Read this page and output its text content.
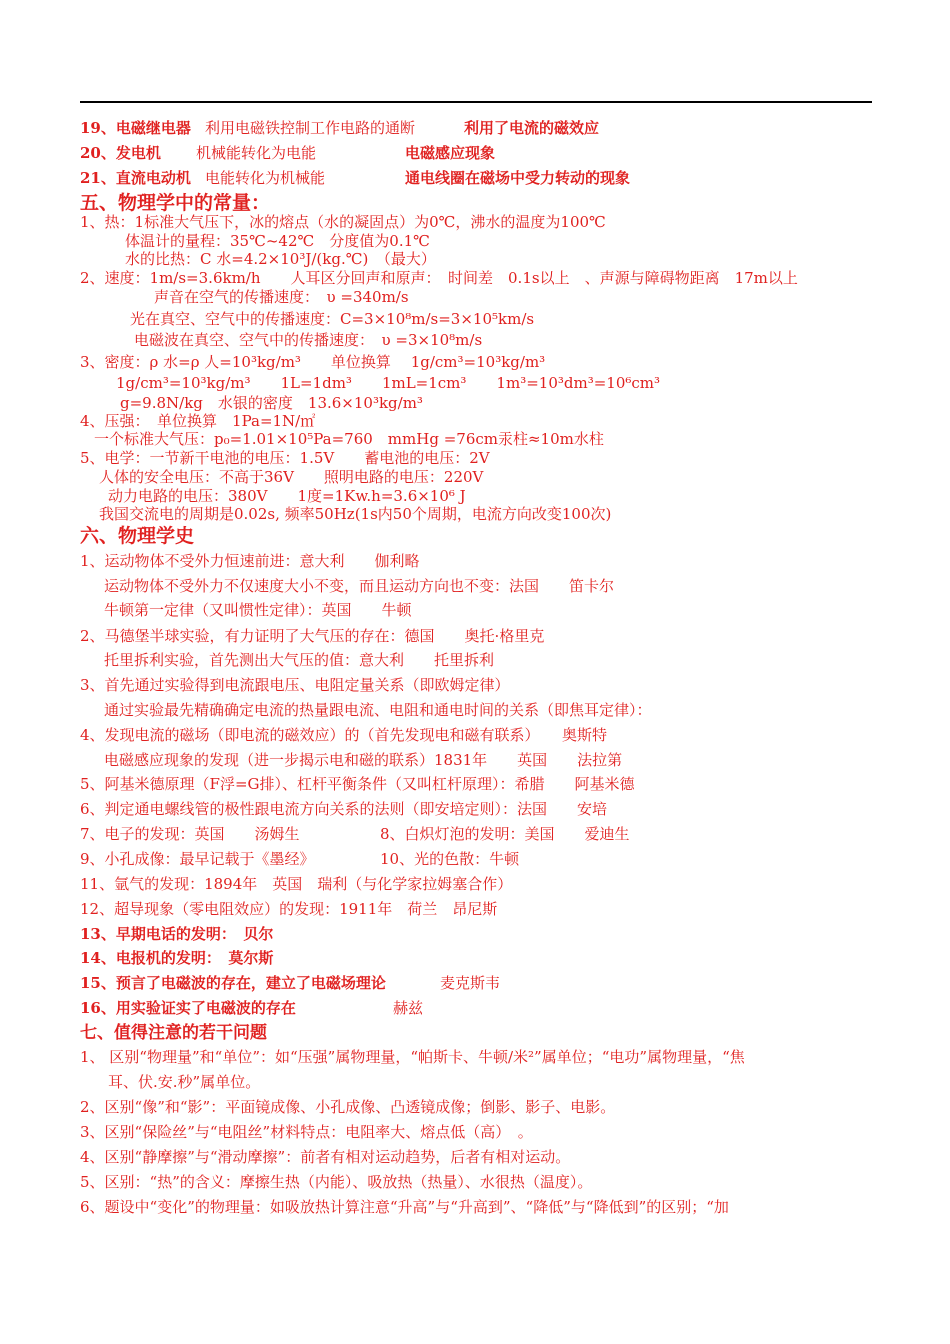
19、电磁继电器 利用电磁铁控制工作电路的通断	利用了电流的磁效应
20、发电机 机械能转化为电能	电磁感应现象
21、直流电动机 电能转化为机械能	通电线圈在磁场中受力转动的现象
五、物理学中的常量：
1、热：1标准大气压下，冰的熔点（水的凝固点）为0℃，沸水的温度为100℃
体温计的量程：35℃~42℃　分度值为0.1℃
水的比热：C 水=4.2×10³J/(kg.℃)　（最大）
2、速度：1m/s=3.6km/h　　人耳区分回声和原声：　时间差　0.1s以上　、声源与障碍物距离　17m以上
声音在空气的传播速度：　υ =340m/s
光在真空、空气中的传播速度：C=3×10⁸m/s=3×10⁵km/s
电磁波在真空、空气中的传播速度：　υ =3×10⁸m/s
3、密度：ρ 水=ρ 人=10³kg/m³　　单位换算　 1g/cm³=10³kg/m³
1g/cm³=10³kg/m³　　1L=1dm³　　1mL=1cm³　　1m³=10³dm³=10⁶cm³
g=9.8N/kg　水银的密度　13.6×10³kg/m³
4、压强：　单位换算　1Pa=1N/㎡
一个标准大气压：p₀=1.01×10⁵Pa=760　mmHg =76cm汞柱≈10m水柱
5、电学：一节新干电池的电压：1.5V　　蓄电池的电压：2V
人体的安全电压：不高于36V　　照明电路的电压：220V
动力电路的电压：380V　　1度=1Kw.h=3.6×10⁶ J
我国交流电的周期是0.02s, 频率50Hz(1s内50个周期，电流方向改变100次)
六、物理学史
1、运动物体不受外力恒速前进：意大利　　伽利略
运动物体不受外力不仅速度大小不变，而且运动方向也不变：法国　　笛卡尔
牛顿第一定律（又叫惯性定律）：英国　　牛顿
2、马德堡半球实验，有力证明了大气压的存在：德国　　奥托·格里克
托里拆利实验，首先测出大气压的值：意大利　　托里拆利
3、首先通过实验得到电流跟电压、电阻定量关系（即欧姆定律）
通过实验最先精确确定电流的热量跟电流、电阻和通电时间的关系（即焦耳定律）：
4、发现电流的磁场（即电流的磁效应）的（首先发现电和磁有联系）　　奥斯特
电磁感应现象的发现（进一步揭示电和磁的联系）1831年　　英国　　法拉第
5、阿基米德原理（F浮=G排）、杠杆平衡条件（又叫杠杆原理）：希腊　　阿基米德
6、判定通电螺线管的极性跟电流方向关系的法则（即安培定则）：法国　　安培
7、电子的发现：英国　　汤姆生	8、白炽灯泡的发明：美国　　爱迪生
9、小孔成像：最早记载于《墨经》	10、光的色散：牛顿
11、氩气的发现：1894年　英国　瑞利（与化学家拉姆塞合作）
12、超导现象（零电阻效应）的发现：1911年　荷兰　昂尼斯
13、早期电话的发明：　贝尔
14、电报机的发明：　莫尔斯
15、预言了电磁波的存在，建立了电磁场理论	麦克斯韦
16、用实验证实了电磁波的存在	赫兹
七、值得注意的若干问题
1、 区别“物理量”和“单位”：如“压强”属物理量，“帕斯卡、牛顿/米²”属单位；“电功”属物理量，“焦
耳、伏.安.秒”属单位。
2、区别“像”和“影”：平面镜成像、小孔成像、凸透镜成像；倒影、影子、电影。
3、区别“保险丝”与“电阻丝”材料特点：电阻率大、熔点低（高）　。
4、区别“静摩擦”与“滑动摩擦”：前者有相对运动趋势，后者有相对运动。
5、区别：“热”的含义：摩擦生热（内能）、吸放热（热量）、水很热（温度）。
6、题设中“变化”的物理量：如吸放热计算注意“升高”与“升高到”、“降低”与“降低到”的区别；“加
